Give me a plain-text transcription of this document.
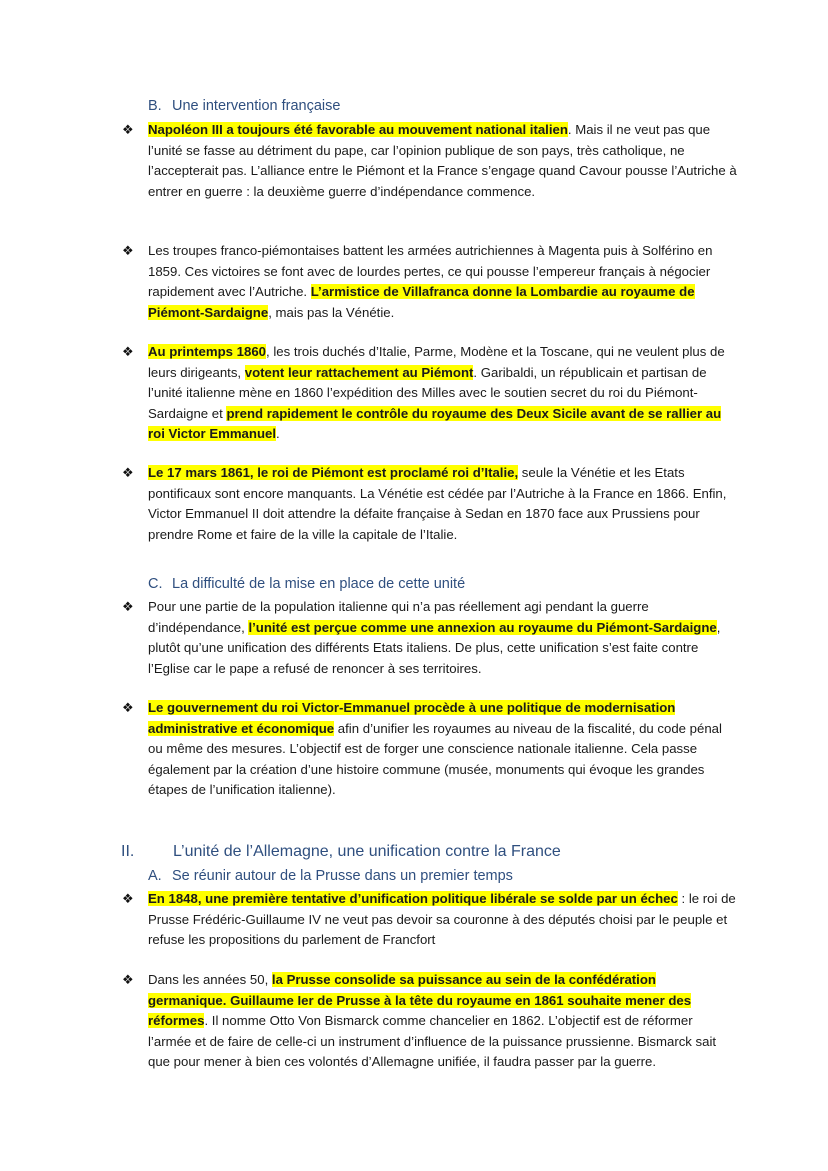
B. Une intervention française
❖ Napoléon III a toujours été favorable au mouvement national italien. Mais il ne veut pas que l’unité se fasse au détriment du pape, car l’opinion publique de son pays, très catholique, ne l’accepterait pas. L’alliance entre le Piémont et la France s’engage quand Cavour pousse l’Autriche à entrer en guerre : la deuxième guerre d’indépendance commence.

❖ Les troupes franco-piémontaises battent les armées autrichiennes à Magenta puis à Solférino en 1859. Ces victoires se font avec de lourdes pertes, ce qui pousse l’empereur français à négocier rapidement avec l’Autriche. L’armistice de Villafranca donne la Lombardie au royaume de Piémont-Sardaigne, mais pas la Vénétie.

❖ Au printemps 1860, les trois duchés d’Italie, Parme, Modène et la Toscane, qui ne veulent plus de leurs dirigeants, votent leur rattachement au Piémont. Garibaldi, un républicain et partisan de l’unité italienne mène en 1860 l’expédition des Milles avec le soutien secret du roi du Piémont-Sardaigne et prend rapidement le contrôle du royaume des Deux Sicile avant de se rallier au roi Victor Emmanuel.

❖ Le 17 mars 1861, le roi de Piémont est proclamé roi d’Italie, seule la Vénétie et les Etats pontificaux sont encore manquants. La Vénétie est cédée par l’Autriche à la France en 1866. Enfin, Victor Emmanuel II doit attendre la défaite française à Sedan en 1870 face aux Prussiens pour prendre Rome et faire de la ville la capitale de l’Italie.

C. La difficulté de la mise en place de cette unité
❖ Pour une partie de la population italienne qui n’a pas réellement agi pendant la guerre d’indépendance, l’unité est perçue comme une annexion au royaume du Piémont-Sardaigne, plutôt qu’une unification des différents Etats italiens. De plus, cette unification s’est faite contre l’Eglise car le pape a refusé de renoncer à ses territoires.

❖ Le gouvernement du roi Victor-Emmanuel procède à une politique de modernisation administrative et économique afin d’unifier les royaumes au niveau de la fiscalité, du code pénal ou même des mesures. L’objectif est de forger une conscience nationale italienne. Cela passe également par la création d’une histoire commune (musée, monuments qui évoque les grandes étapes de l’unification italienne).

II. L’unité de l’Allemagne, une unification contre la France
A. Se réunir autour de la Prusse dans un premier temps
❖ En 1848, une première tentative d’unification politique libérale se solde par un échec : le roi de Prusse Frédéric-Guillaume IV ne veut pas devoir sa couronne à des députés choisi par le peuple et refuse les propositions du parlement de Francfort

❖ Dans les années 50, la Prusse consolide sa puissance au sein de la confédération germanique. Guillaume Ier de Prusse à la tête du royaume en 1861 souhaite mener des réformes. Il nomme Otto Von Bismarck comme chancelier en 1862. L’objectif est de réformer l’armée et de faire de celle-ci un instrument d’influence de la puissance prussienne. Bismarck sait que pour mener à bien ces volontés d’Allemagne unifiée, il faudra passer par la guerre.
